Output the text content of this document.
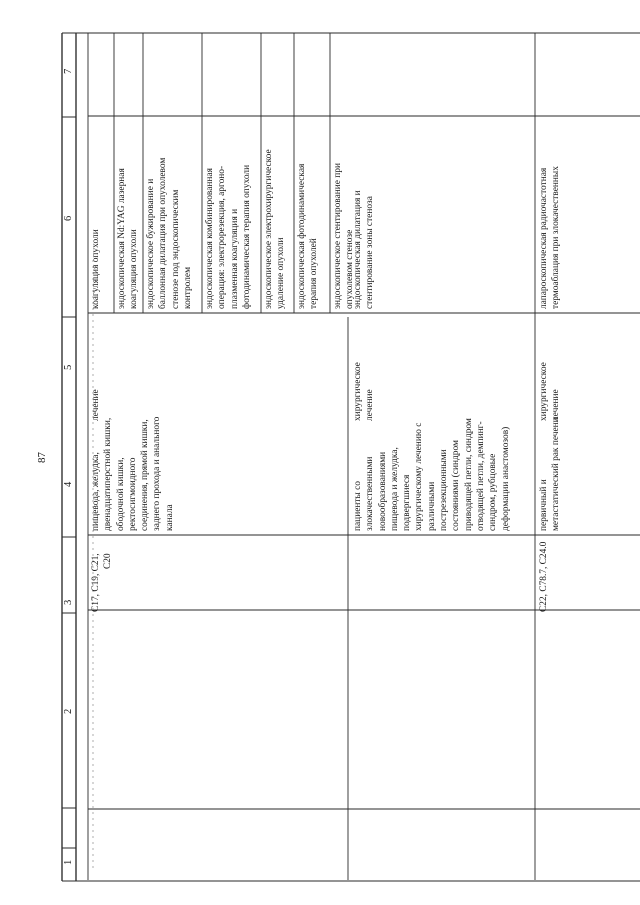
87
7
6
5
4
3
2
1
C17, C19, C21,
C20
пищевода, желудка,
двенадцатиперстной кишки,
ободочной кишки,
ректосигмоидного
соединения, прямой кишки,
заднего прохода и анального
канала
лечение
коагуляция опухоли эндоскопическая Nd:YAG лазерная
коагуляция опухоли эндоскопическое бужирование и
баллонная дилатация при опухолевом
стенозе под эндоскопическим
контролем эндоскопическая комбинированная
операция: электрорезекция, аргоно-
плазменная коагуляция и
фотодинамическая терапия опухоли
эндоскопическое электрохирургическое
удаление опухоли эндоскопическая фотодинамическая
терапия опухолей эндоскопическое стентирование при
опухолевом стенозе
пациенты со
злокачественными
новообразованиями
пищевода и желудка,
подвергшиеся
хирургическому лечению с
различными
пострезекционными
состояниями (синдром
приводящей петли, синдром
отводящей петли, демпинг-
синдром, рубцовые
деформации анастомозов)
хирургическое
лечение
эндоскопическая дилатация и
стентирование зоны стеноза
C22, C78.7, C24.0
первичный и
метастатический рак печени
хирургическое
лечение
лапароскопическая радиочастотная
термоаблация при злокачественных
